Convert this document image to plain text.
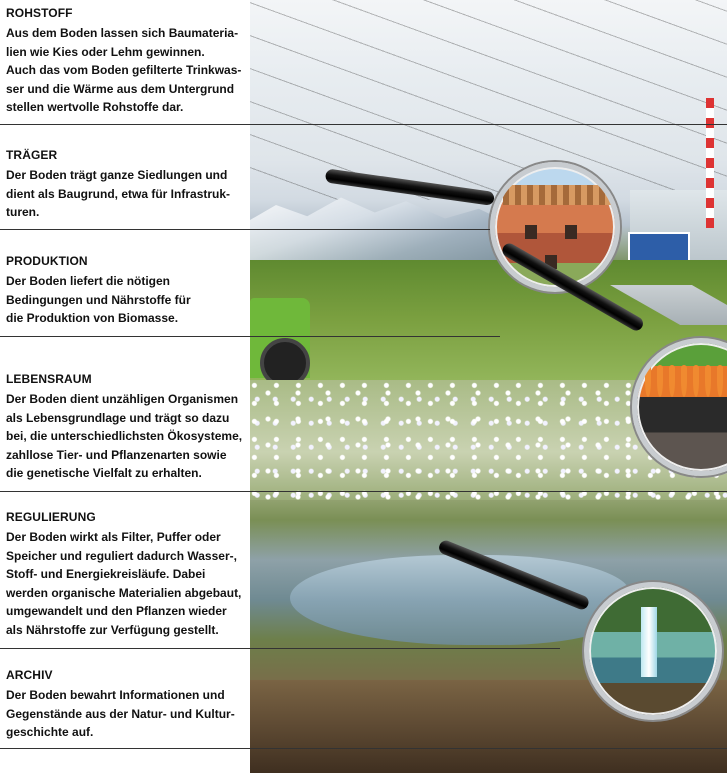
ROHSTOFF

Aus dem Boden lassen sich Baumateria-
lien wie Kies oder Lehm gewinnen.
Auch das vom Boden gefilterte Trinkwas-
ser und die Wärme aus dem Untergrund
stellen wertvolle Rohstoffe dar.

TRÄGER

Der Boden trägt ganze Siedlungen und
dient als Baugrund, etwa für Infrastruk-
turen.

PRODUKTION

Der Boden liefert die nötigen
Bedingungen und Nährstoffe für
die Produktion von Biomasse.

LEBENSRAUM

Der Boden dient unzähligen Organismen
als Lebensgrundlage und trägt so dazu
bei, die unterschiedlichsten Ökosysteme,
zahllose Tier- und Pflanzenarten sowie
die genetische Vielfalt zu erhalten.

REGULIERUNG

Der Boden wirkt als Filter, Puffer oder
Speicher und reguliert dadurch Wasser-,
Stoff- und Energiekreisläufe. Dabei
werden organische Materialien abgebaut,
umgewandelt und den Pflanzen wieder
als Nährstoffe zur Verfügung gestellt.

ARCHIV

Der Boden bewahrt Informationen und
Gegenstände aus der Natur- und Kultur-
geschichte auf.
